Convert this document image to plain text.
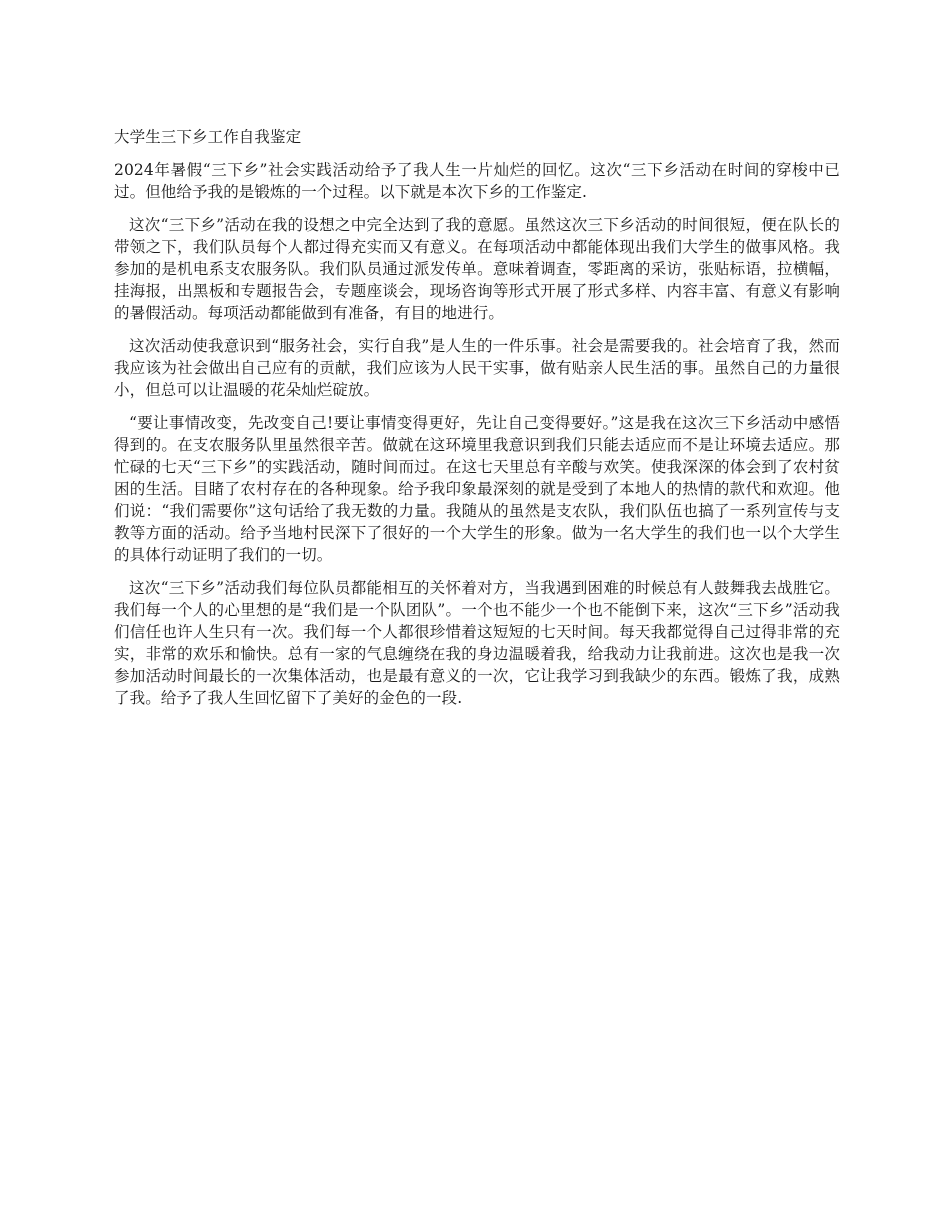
大学生三下乡工作自我鉴定

2024年暑假“三下乡”社会实践活动给予了我人生一片灿烂的回忆。这次“三下乡活动在时间的穿梭中已过。但他给予我的是锻炼的一个过程。以下就是本次下乡的工作鉴定.

这次“三下乡”活动在我的设想之中完全达到了我的意愿。虽然这次三下乡活动的时间很短，便在队长的带领之下，我们队员每个人都过得充实而又有意义。在每项活动中都能体现出我们大学生的做事风格。我参加的是机电系支农服务队。我们队员通过派发传单。意味着调查，零距离的采访，张贴标语，拉横幅，挂海报，出黑板和专题报告会，专题座谈会，现场咨询等形式开展了形式多样、内容丰富、有意义有影响的暑假活动。每项活动都能做到有准备，有目的地进行。

这次活动使我意识到“服务社会，实行自我”是人生的一件乐事。社会是需要我的。社会培育了我，然而我应该为社会做出自己应有的贡献，我们应该为人民干实事，做有贴亲人民生活的事。虽然自己的力量很小，但总可以让温暖的花朵灿烂碇放。

“要让事情改变，先改变自己!要让事情变得更好，先让自己变得要好。”这是我在这次三下乡活动中感悟得到的。在支农服务队里虽然很辛苦。做就在这环境里我意识到我们只能去适应而不是让环境去适应。那忙碌的七天“三下乡”的实践活动，随时间而过。在这七天里总有辛酸与欢笑。使我深深的体会到了农村贫困的生活。目睹了农村存在的各种现象。给予我印象最深刻的就是受到了本地人的热情的款代和欢迎。他们说：“我们需要你”这句话给了我无数的力量。我随从的虽然是支农队，我们队伍也搞了一系列宣传与支教等方面的活动。给予当地村民深下了很好的一个大学生的形象。做为一名大学生的我们也一以个大学生的具体行动证明了我们的一切。

这次“三下乡”活动我们每位队员都能相互的关怀着对方，当我遇到困难的时候总有人鼓舞我去战胜它。我们每一个人的心里想的是“我们是一个队团队”。一个也不能少一个也不能倒下来，这次“三下乡”活动我们信任也许人生只有一次。我们每一个人都很珍惜着这短短的七天时间。每天我都觉得自己过得非常的充实，非常的欢乐和愉快。总有一家的气息缠绕在我的身边温暖着我，给我动力让我前进。这次也是我一次参加活动时间最长的一次集体活动，也是最有意义的一次，它让我学习到我缺少的东西。锻炼了我，成熟了我。给予了我人生回忆留下了美好的金色的一段.
